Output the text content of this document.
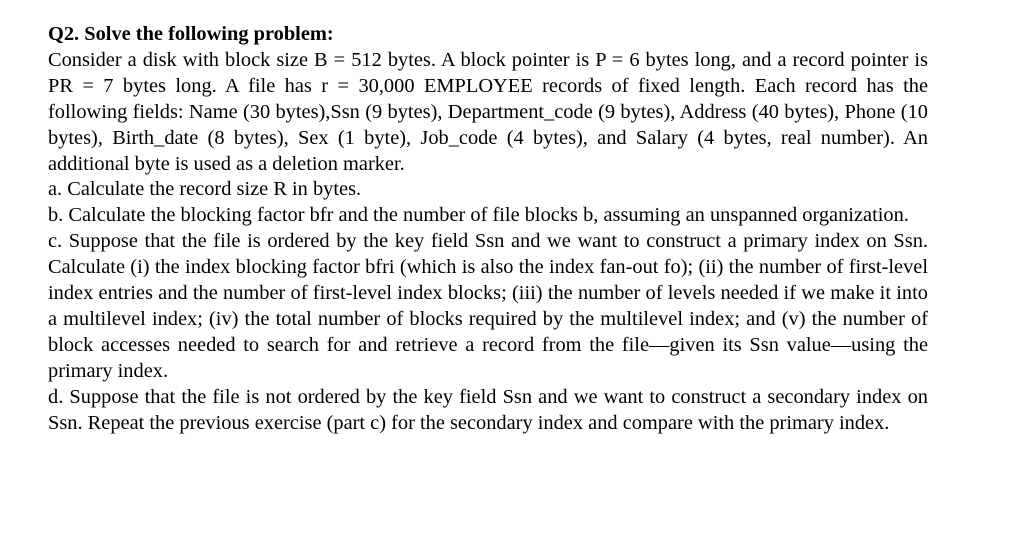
Q2. Solve the following problem:

Consider a disk with block size B = 512 bytes. A block pointer is P = 6 bytes long, and a record pointer is PR = 7 bytes long. A file has r = 30,000 EMPLOYEE records of fixed length. Each record has the following fields: Name (30 bytes),Ssn (9 bytes), Department_code (9 bytes), Address (40 bytes), Phone (10 bytes), Birth_date (8 bytes), Sex (1 byte), Job_code (4 bytes), and Salary (4 bytes, real number). An additional byte is used as a deletion marker.

a. Calculate the record size R in bytes.

b. Calculate the blocking factor bfr and the number of file blocks b, assuming an unspanned organization.

c. Suppose that the file is ordered by the key field Ssn and we want to construct a primary index on Ssn. Calculate (i) the index blocking factor bfri (which is also the index fan-out fo); (ii) the number of first-level index entries and the number of first-level index blocks; (iii) the number of levels needed if we make it into a multilevel index; (iv) the total number of blocks required by the multilevel index; and (v) the number of block accesses needed to search for and retrieve a record from the file—given its Ssn value—using the primary index.

d. Suppose that the file is not ordered by the key field Ssn and we want to construct a secondary index on Ssn. Repeat the previous exercise (part c) for the secondary index and compare with the primary index.
